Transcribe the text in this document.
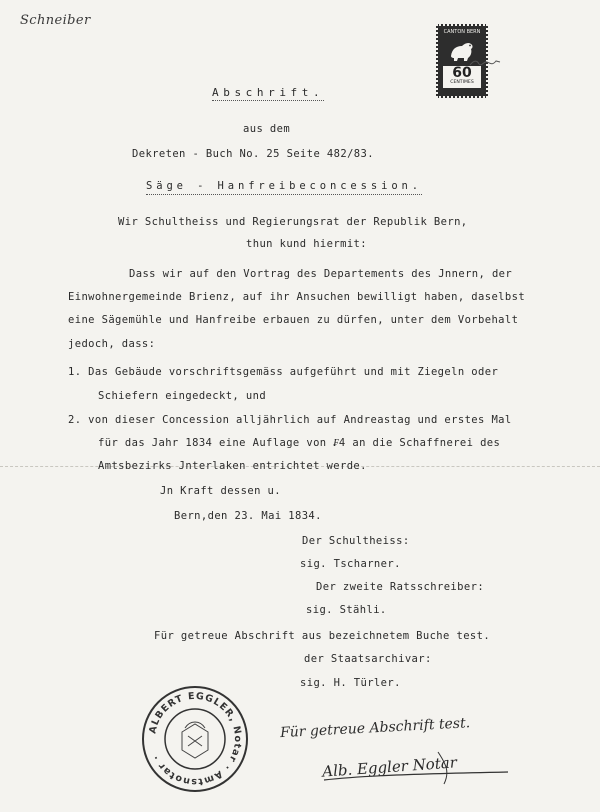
Schneiber
CANTON BERN
60
CENTIMES
Abschrift.
aus dem
Dekreten - Buch No. 25 Seite 482/83.
Säge - Hanfreibeconcession.
Wir Schultheiss und Regierungsrat der Republik Bern,
thun kund hiermit:
Dass wir auf den Vortrag des Departements des Jnnern, der
Einwohnergemeinde Brienz, auf ihr Ansuchen bewilligt haben, daselbst
eine Sägemühle und Hanfreibe erbauen zu dürfen, unter dem Vorbehalt
jedoch, dass:
1. Das Gebäude vorschriftsgemäss aufgeführt und mit Ziegeln oder
Schiefern eingedeckt, und
2. von dieser Concession alljährlich auf Andreastag und erstes Mal
für das Jahr 1834 eine Auflage von ₣4 an die Schaffnerei des
Amtsbezirks Jnterlaken entrichtet werde.
Jn Kraft dessen u.
Bern,den 23. Mai 1834.
Der Schultheiss:
sig. Tscharner.
Der zweite Ratsschreiber:
sig. Stähli.
Für getreue Abschrift aus bezeichnetem Buche test.
der Staatsarchivar:
sig. H. Türler.
ALBERT EGGLER, Notar · Amtsnotar ·
Für getreue Abschrift test.
Alb. Eggler Notar
